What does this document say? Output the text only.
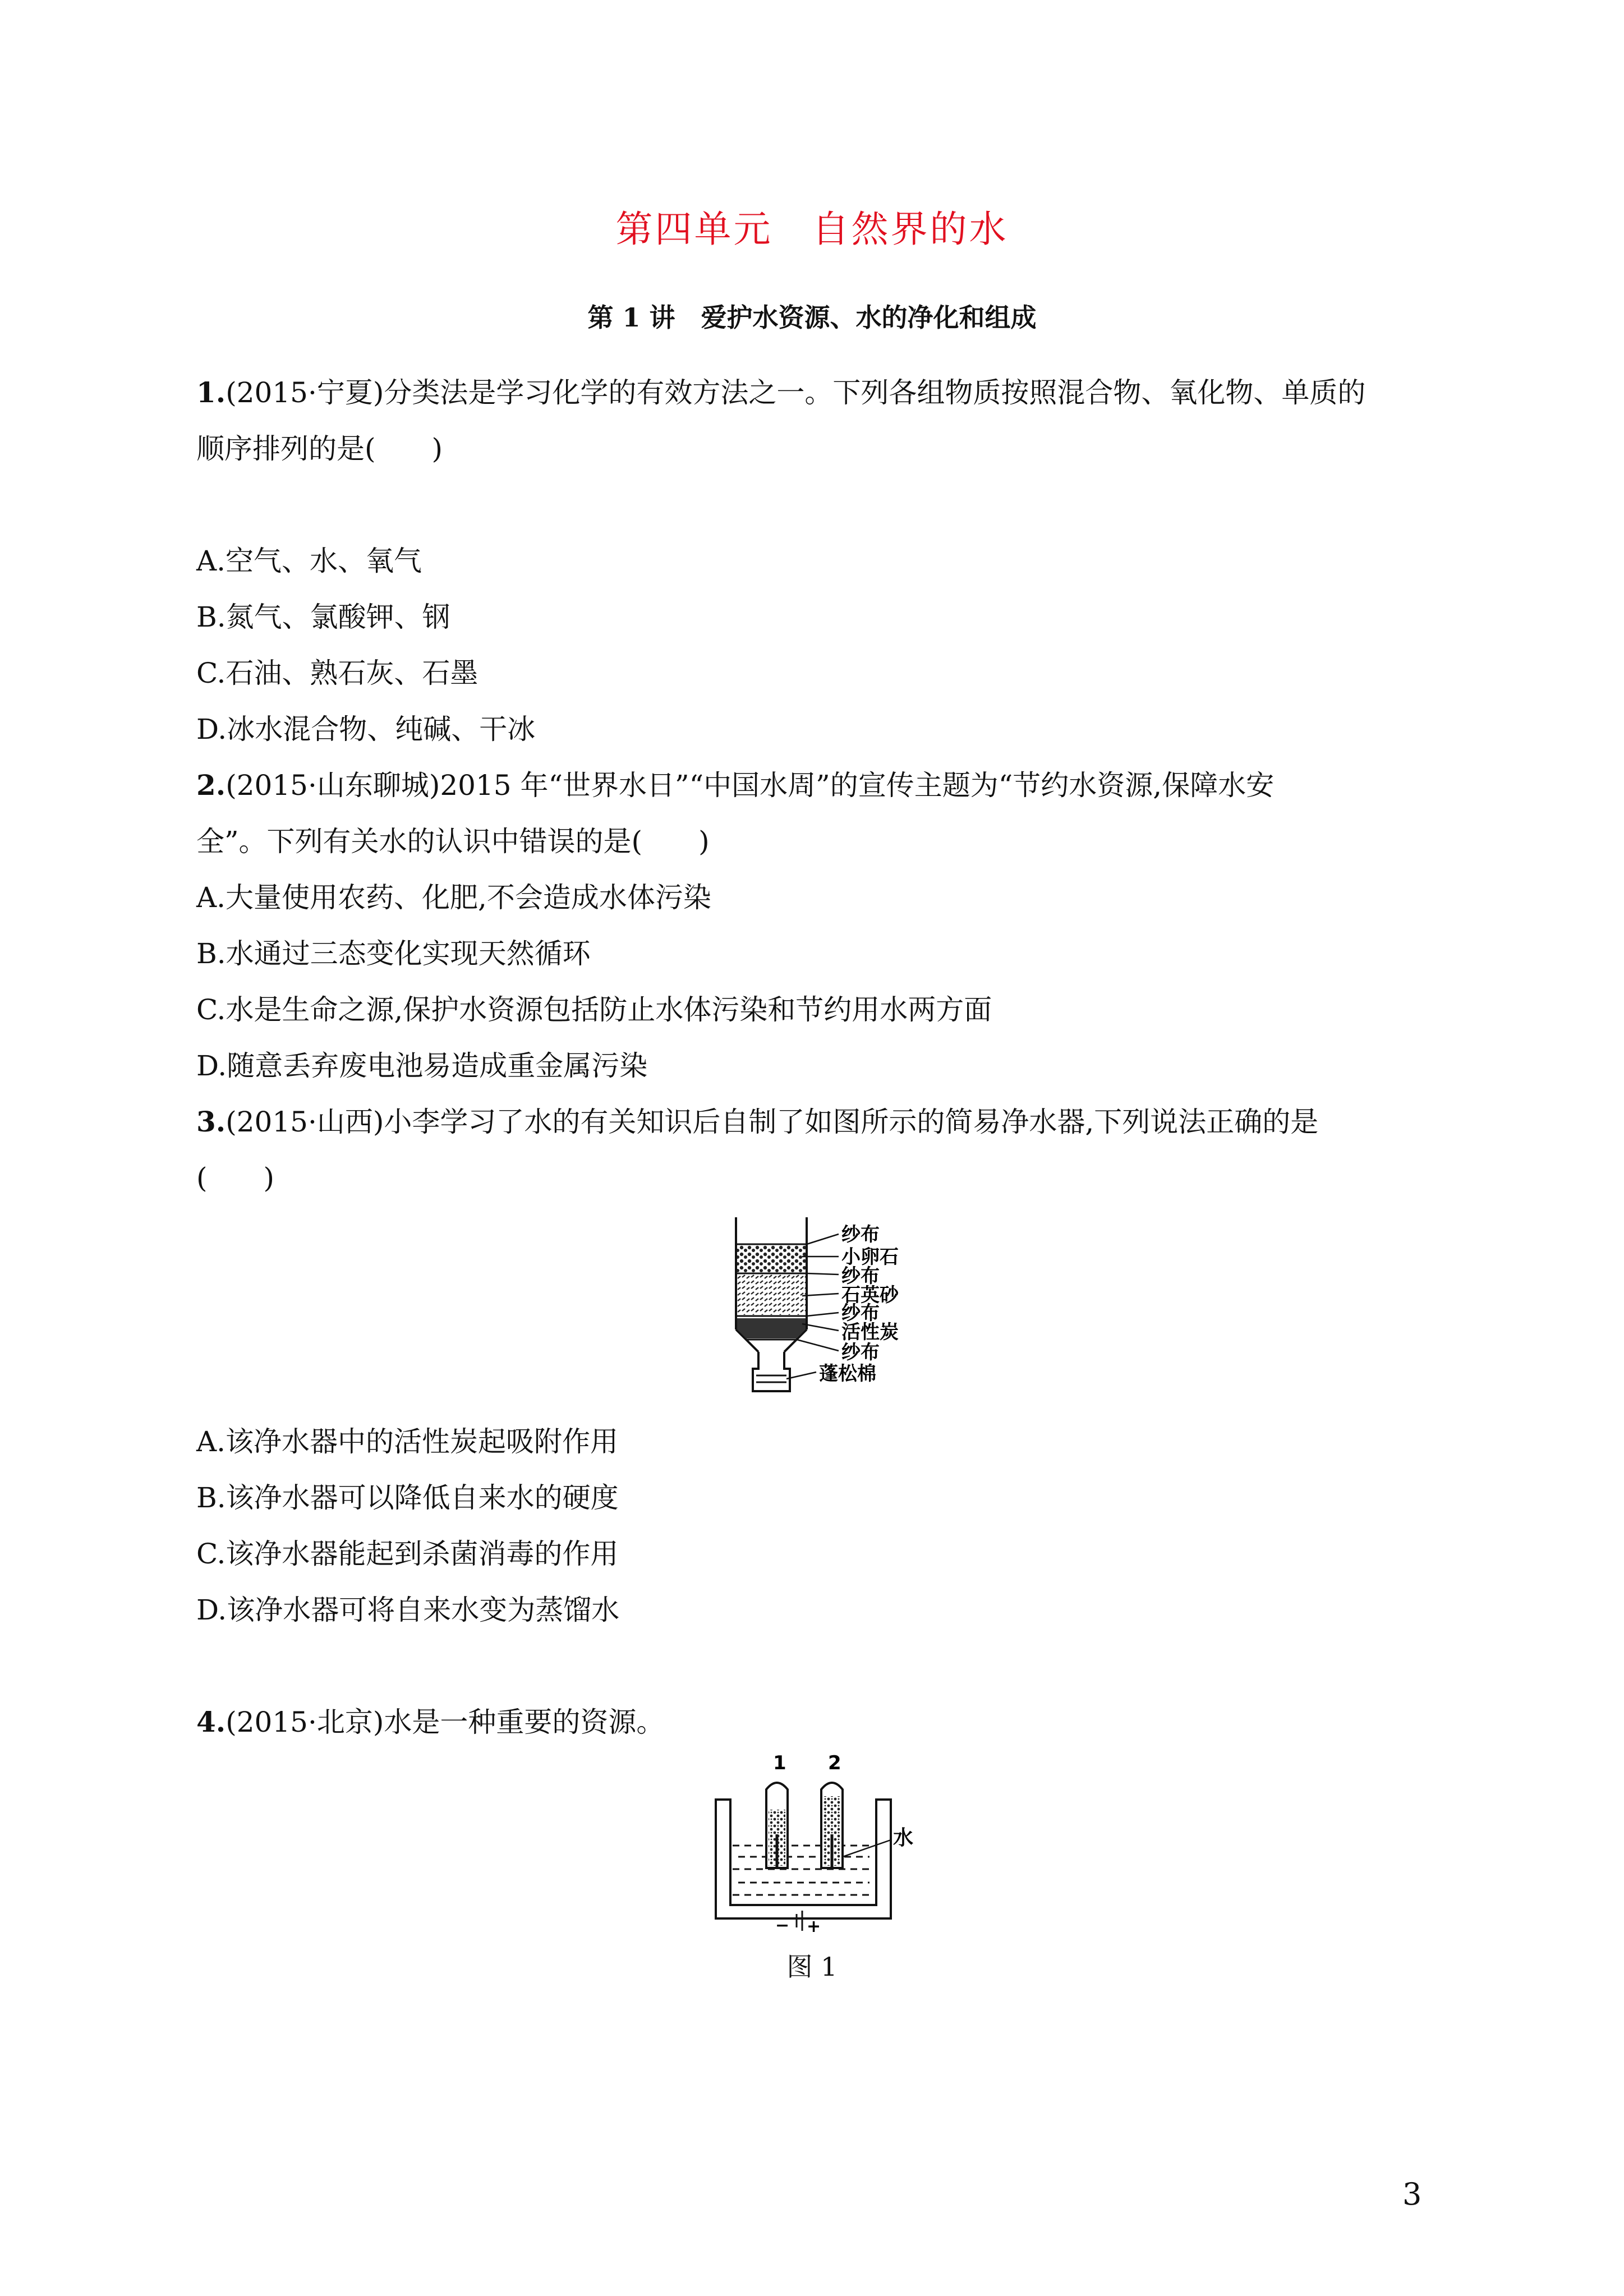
第四单元　自然界的水
第 1 讲　爱护水资源、水的净化和组成
1.(2015·宁夏)分类法是学习化学的有效方法之一。下列各组物质按照混合物、氧化物、单质的
顺序排列的是(　　)
A.空气、水、氧气
B.氮气、氯酸钾、钢
C.石油、熟石灰、石墨
D.冰水混合物、纯碱、干冰
2.(2015·山东聊城)2015 年“世界水日”“中国水周”的宣传主题为“节约水资源,保障水安
全”。下列有关水的认识中错误的是(　　)
A.大量使用农药、化肥,不会造成水体污染
B.水通过三态变化实现天然循环
C.水是生命之源,保护水资源包括防止水体污染和节约用水两方面
D.随意丢弃废电池易造成重金属污染
3.(2015·山西)小李学习了水的有关知识后自制了如图所示的简易净水器,下列说法正确的是
(　　)
纱布
小卵石
纱布
石英砂
纱布
活性炭
纱布
蓬松棉
A.该净水器中的活性炭起吸附作用
B.该净水器可以降低自来水的硬度
C.该净水器能起到杀菌消毒的作用
D.该净水器可将自来水变为蒸馏水
4.(2015·北京)水是一种重要的资源。
1 2
水
− +
图 1
3
